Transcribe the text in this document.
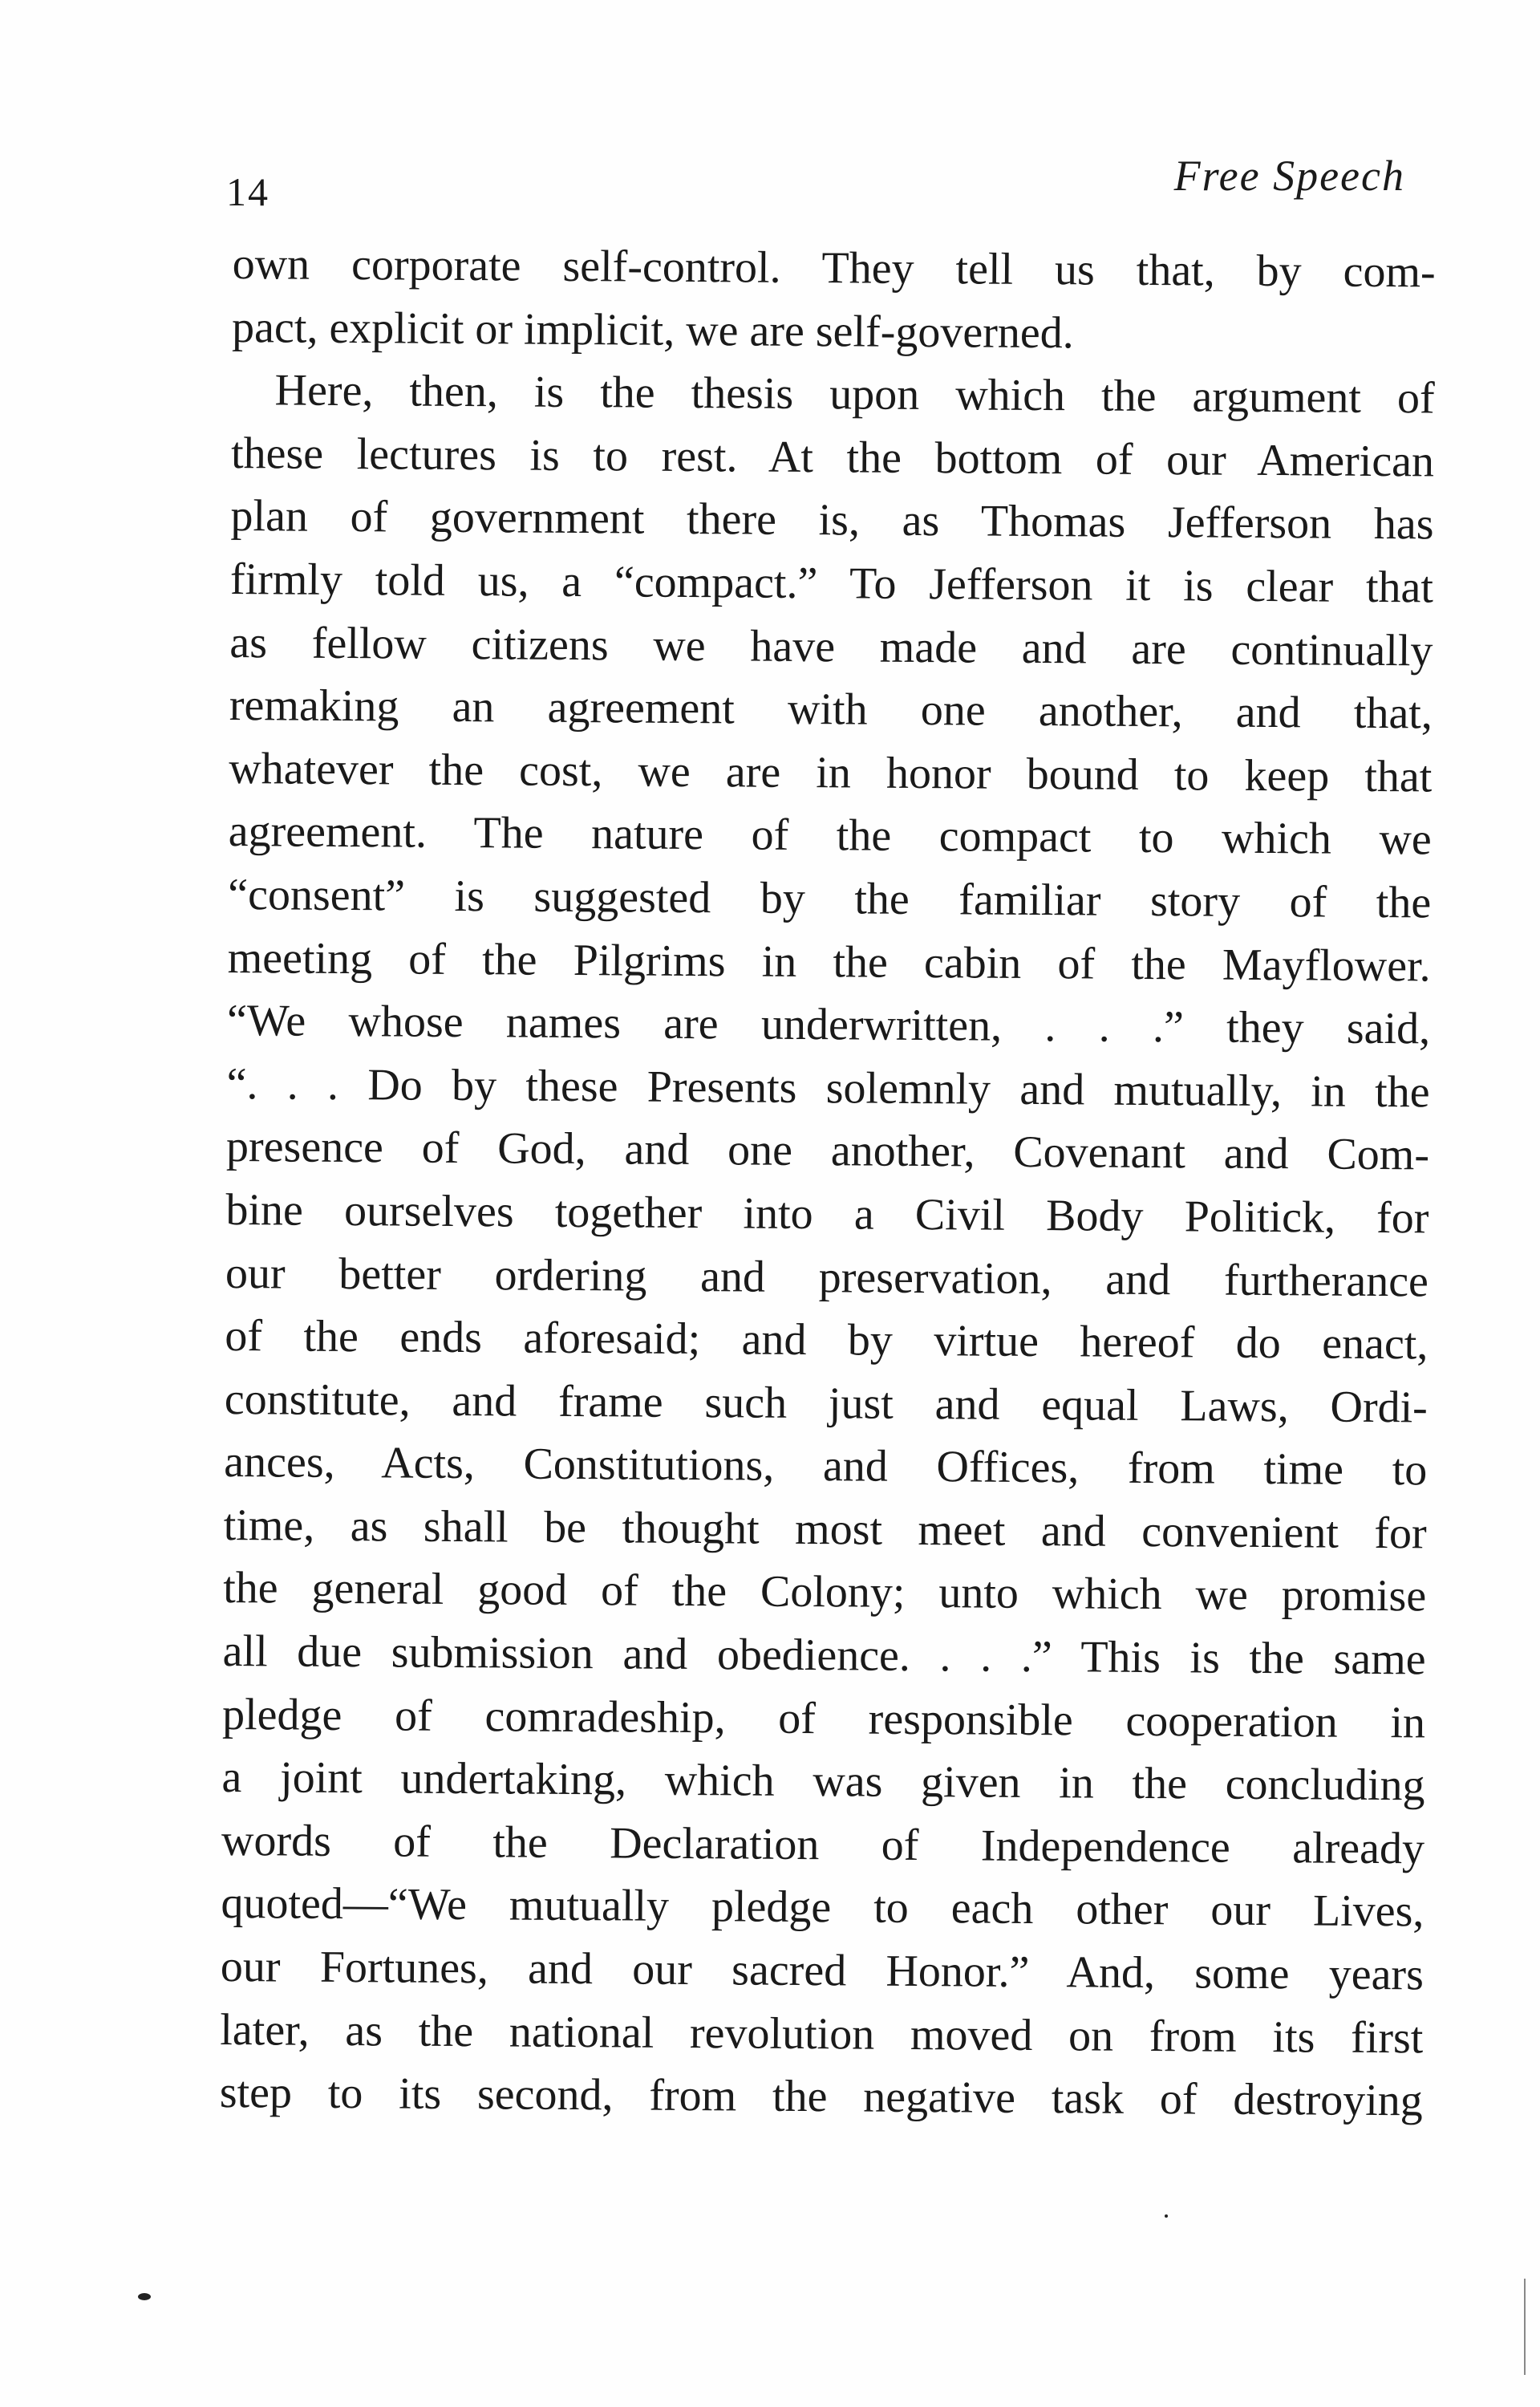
14	Free Speech
own corporate self-control. They tell us that, by com-
pact, explicit or implicit, we are self-governed.
Here, then, is the thesis upon which the argument of
these lectures is to rest. At the bottom of our American
plan of government there is, as Thomas Jefferson has
firmly told us, a “compact.” To Jefferson it is clear that
as fellow citizens we have made and are continually
remaking an agreement with one another, and that,
whatever the cost, we are in honor bound to keep that
agreement. The nature of the compact to which we
“consent” is suggested by the familiar story of the
meeting of the Pilgrims in the cabin of the Mayflower.
“We whose names are underwritten, . . .” they said,
“. . . Do by these Presents solemnly and mutually, in the
presence of God, and one another, Covenant and Com-
bine ourselves together into a Civil Body Politick, for
our better ordering and preservation, and furtherance
of the ends aforesaid; and by virtue hereof do enact,
constitute, and frame such just and equal Laws, Ordi-
ances, Acts, Constitutions, and Offices, from time to
time, as shall be thought most meet and convenient for
the general good of the Colony; unto which we promise
all due submission and obedience. . . .” This is the same
pledge of comradeship, of responsible cooperation in
a joint undertaking, which was given in the concluding
words of the Declaration of Independence already
quoted—“We mutually pledge to each other our Lives,
our Fortunes, and our sacred Honor.” And, some years
later, as the national revolution moved on from its first
step to its second, from the negative task of destroying
